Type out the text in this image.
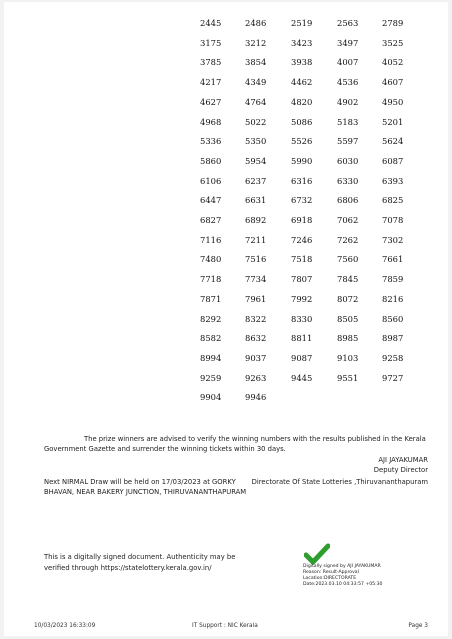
2445	2486	2519	2563	2789
3175	3212	3423	3497	3525
3785	3854	3938	4007	4052
4217	4349	4462	4536	4607
4627	4764	4820	4902	4950
4968	5022	5086	5183	5201
5336	5350	5526	5597	5624
5860	5954	5990	6030	6087
6106	6237	6316	6330	6393
6447	6631	6732	6806	6825
6827	6892	6918	7062	7078
7116	7211	7246	7262	7302
7480	7516	7518	7560	7661
7718	7734	7807	7845	7859
7871	7961	7992	8072	8216
8292	8322	8330	8505	8560
8582	8632	8811	8985	8987
8994	9037	9087	9103	9258
9259	9263	9445	9551	9727
9904	9946

The prize winners are advised to verify the winning numbers with the results published in the Kerala Government Gazette and surrender the winning tickets within 30 days.

AJI JAYAKUMAR
Deputy Director

Next NIRMAL Draw will be held on 17/03/2023 at GORKY BHAVAN, NEAR BAKERY JUNCTION, THIRUVANANTHAPURAM

Directorate Of State Lotteries ,Thiruvananthapuram

This is a digitally signed document. Authenticity may be verified through https://statelottery.kerala.gov.in/	Digitally signed by AJI JAYAKUMAR
Reason: Result-Approval
Location:DIRECTORATE
Date:2023.03.10 04:33:57 +05:30
10/03/2023 16:33:09	IT Support : NIC Kerala	Page 3
